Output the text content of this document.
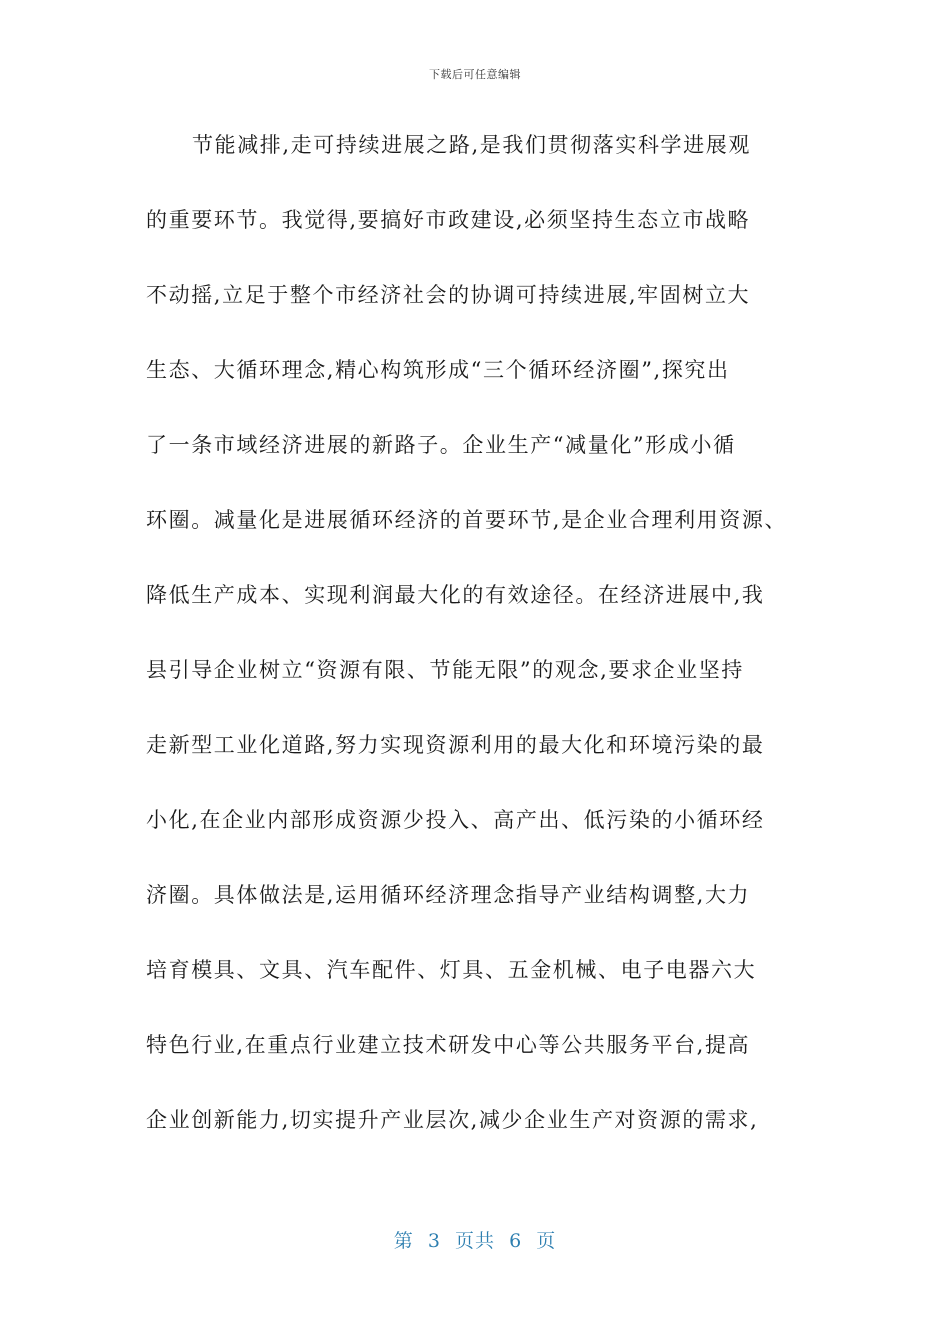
下载后可任意编辑
节能减排,走可持续进展之路,是我们贯彻落实科学进展观
的重要环节。我觉得,要搞好市政建设,必须坚持生态立市战略
不动摇,立足于整个市经济社会的协调可持续进展,牢固树立大
生态、大循环理念,精心构筑形成“三个循环经济圈”,探究出
了一条市域经济进展的新路子。企业生产“减量化”形成小循
环圈。减量化是进展循环经济的首要环节,是企业合理利用资源、
降低生产成本、实现利润最大化的有效途径。在经济进展中,我
县引导企业树立“资源有限、节能无限”的观念,要求企业坚持
走新型工业化道路,努力实现资源利用的最大化和环境污染的最
小化,在企业内部形成资源少投入、高产出、低污染的小循环经
济圈。具体做法是,运用循环经济理念指导产业结构调整,大力
培育模具、文具、汽车配件、灯具、五金机械、电子电器六大
特色行业,在重点行业建立技术研发中心等公共服务平台,提高
企业创新能力,切实提升产业层次,减少企业生产对资源的需求,
第  3  页共  6  页
